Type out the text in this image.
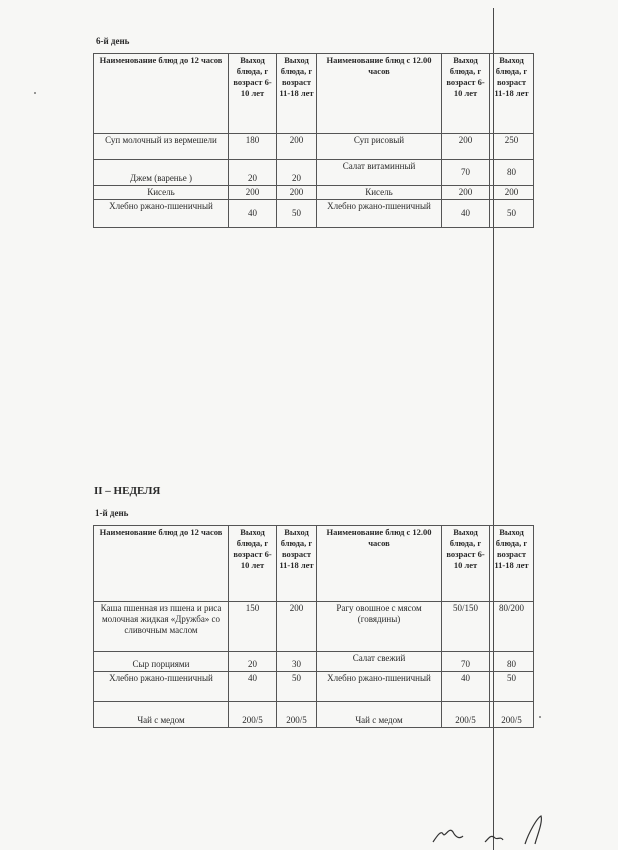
6-й день
Наименование блюд до 12 часов	Выход блюда, г возраст 6-10 лет	Выход блюда, г возраст 11-18 лет	Наименование блюд с 12.00 часов	Выход блюда, г возраст 6-10 лет	Выход блюда, г возраст 11-18 лет
Суп молочный из вермешели	180	200	Суп рисовый	200	250
Джем (варенье )	20	20	Салат витаминный	70	80
Кисель	200	200	Кисель	200	200
Хлебно ржано-пшеничный	40	50	Хлебно ржано-пшеничный	40	50
II – НЕДЕЛЯ
1-й день
Наименование блюд до 12 часов	Выход блюда, г возраст 6-10 лет	Выход блюда, г возраст 11-18 лет	Наименование блюд с 12.00 часов	Выход блюда, г возраст 6-10 лет	Выход блюда, г возраст 11-18 лет
Каша пшенная из пшена и риса молочная жидкая «Дружба» со сливочным маслом	150	200	Рагу овошное с мясом (говядины)	50/150	80/200
Сыр порциями	20	30	Салат свежий	70	80
Хлебно ржано-пшеничный	40	50	Хлебно ржано-пшеничный	40	50
Чай с медом	200/5	200/5	Чай с медом	200/5	200/5
